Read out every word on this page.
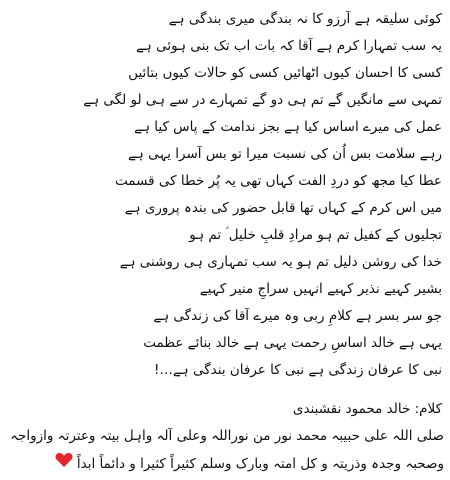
کوئی سلیقہ ہے آرزو کا نہ بندگی میری بندگی ہے
یہ سب تمہارا کرم ہے آقا کہ بات اب تک بنی ہوئی ہے
کسی کا احسان کیوں اٹھائیں کسی کو حالات کیوں بتائیں
تمہی سے مانگیں گے تم ہی دو گے تمہارے در سے ہی لو لگی ہے
عمل کی میرے اساس کیا ہے بجز ندامت کے پاس کیا ہے
رہے سلامت بس اُن کی نسبت میرا تو بس آسرا یہی ہے
عطا کیا مجھ کو دردِ الفت کہاں تھی یہ پُر خطا کی قسمت
میں اس کرم کے کہاں تھا قابل حضور کی بندہ پروری ہے
تجلیوں کے کفیل تم ہو مرادِ قلبِ خلیل ؑ تم ہو
خدا کی روشن دلیل تم ہو یہ سب تمہاری ہی روشنی ہے
بشیر کہیے نذیر کہیے انہیں سراجِ منیر کہیے
جو سر بسر ہے کلامِ ربی وہ میرے آقا کی زندگی ہے
یہی ہے خالد اساسِ رحمت یہی ہے خالد بنائے عظمت
نبی کا عرفان زندگی ہے نبی کا عرفان بندگی ہے…!
کلام: خالد محمود نقشبندی
صلی اللہ علی حبیبہ محمد نور من نوراللہ وعلی آلہ واہل بیتہ وعترتہ وازواجہ
وصحبہ وجدہ وذریتہ و کل امتہ وبارک وسلم کثیراً کثیرا و دائماً ابداً
